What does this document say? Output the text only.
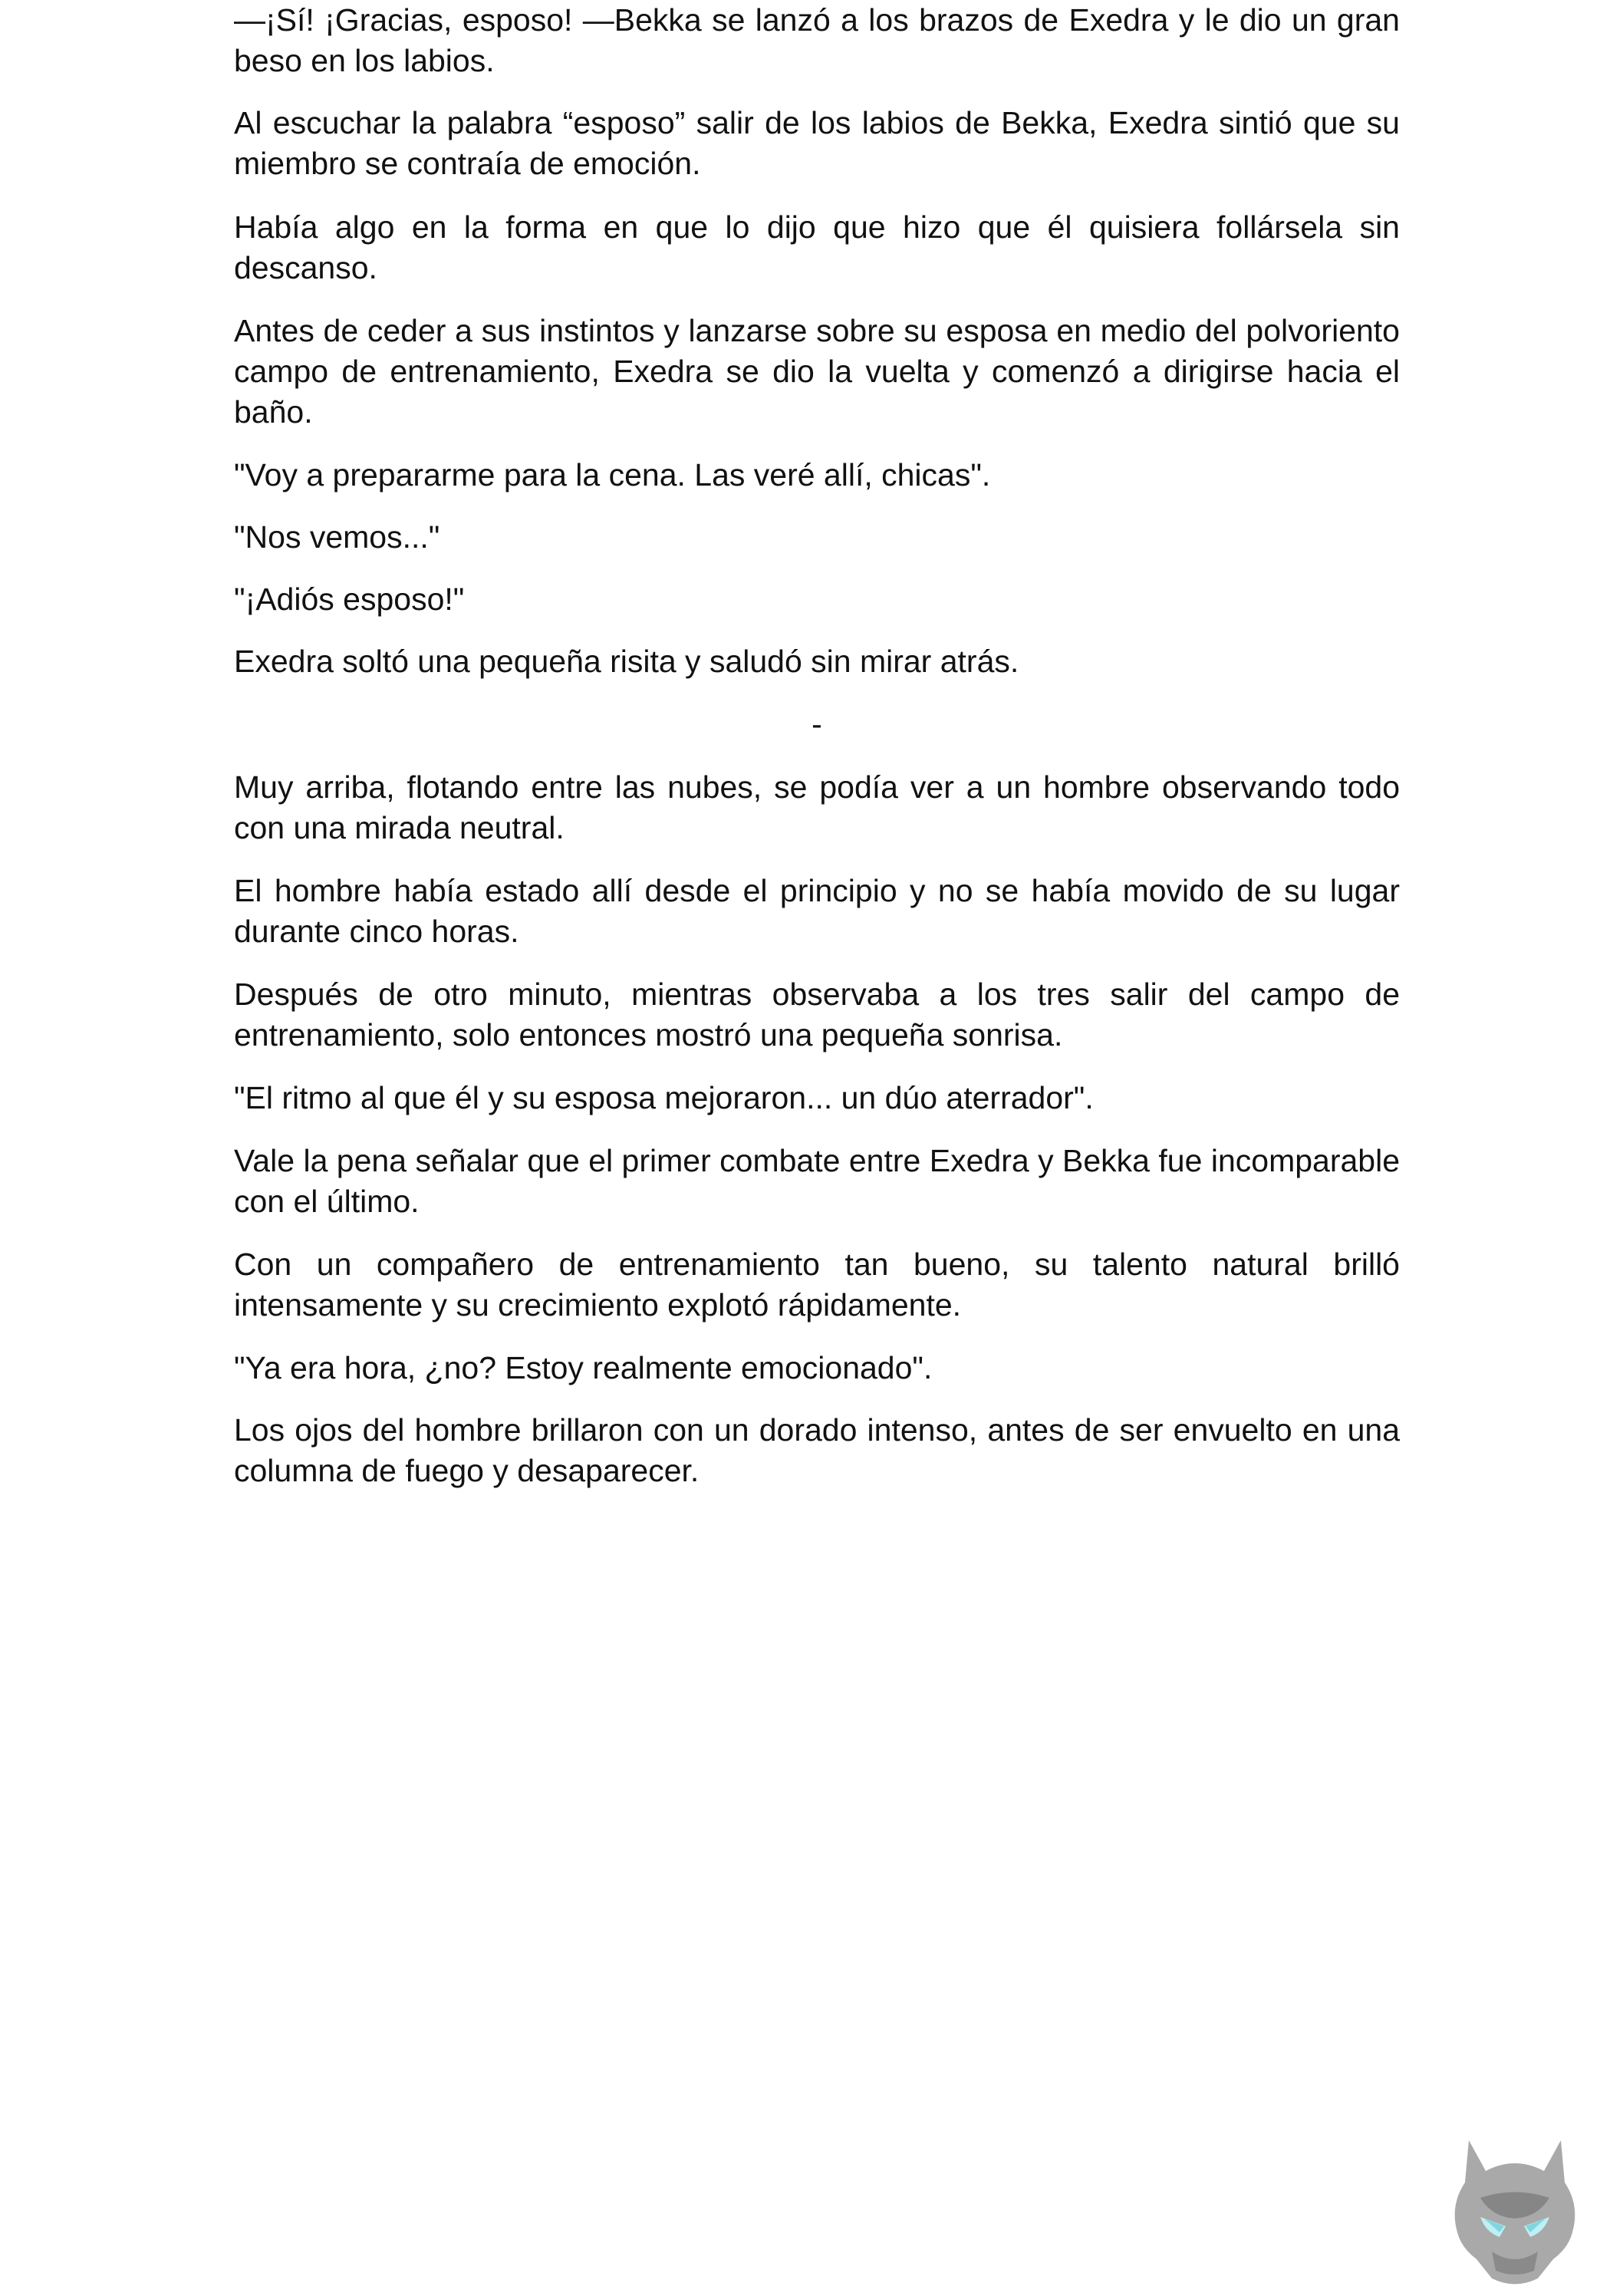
—¡Sí! ¡Gracias, esposo! —Bekka se lanzó a los brazos de Exedra y le dio un gran beso en los labios.

Al escuchar la palabra “esposo” salir de los labios de Bekka, Exedra sintió que su miembro se contraía de emoción.

Había algo en la forma en que lo dijo que hizo que él quisiera follársela sin descanso.

Antes de ceder a sus instintos y lanzarse sobre su esposa en medio del polvoriento campo de entrenamiento, Exedra se dio la vuelta y comenzó a dirigirse hacia el baño.

"Voy a prepararme para la cena. Las veré allí, chicas".

"Nos vemos..."

"¡Adiós esposo!"

Exedra soltó una pequeña risita y saludó sin mirar atrás.

-

Muy arriba, flotando entre las nubes, se podía ver a un hombre observando todo con una mirada neutral.

El hombre había estado allí desde el principio y no se había movido de su lugar durante cinco horas.

Después de otro minuto, mientras observaba a los tres salir del campo de entrenamiento, solo entonces mostró una pequeña sonrisa.

"El ritmo al que él y su esposa mejoraron... un dúo aterrador".

Vale la pena señalar que el primer combate entre Exedra y Bekka fue incomparable con el último.

Con un compañero de entrenamiento tan bueno, su talento natural brilló intensamente y su crecimiento explotó rápidamente.

"Ya era hora, ¿no? Estoy realmente emocionado".

Los ojos del hombre brillaron con un dorado intenso, antes de ser envuelto en una columna de fuego y desaparecer.
